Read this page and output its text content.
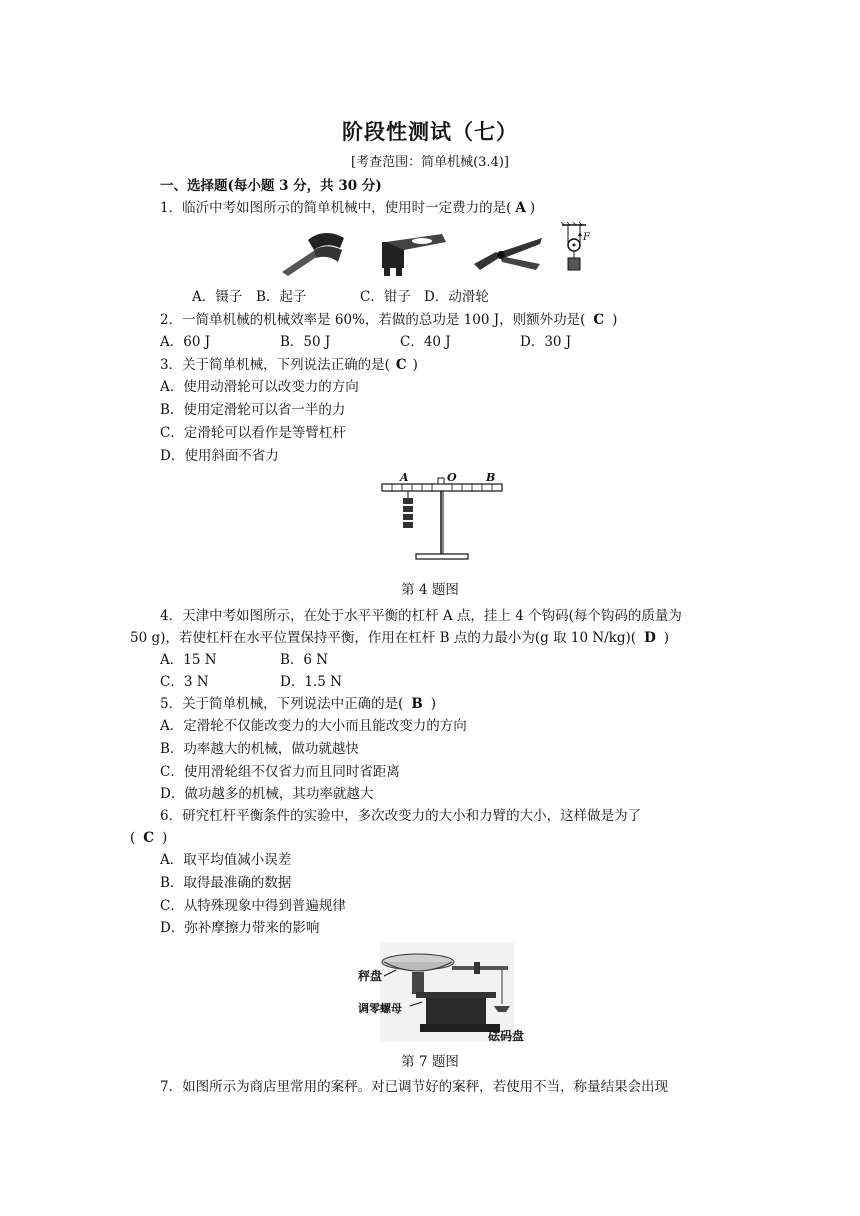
阶段性测试（七）
[考查范围：简单机械(3.4)]
一、选择题(每小题 3 分，共 30 分)
1．临沂中考如图所示的简单机械中，使用时一定费力的是( A )
F
A．镊子 B．起子	C．钳子 D．动滑轮
2．一简单机械的机械效率是 60%，若做的总功是 100 J，则额外功是( C )
A．60 J	B．50 J	C．40 J	D．30 J
3．关于简单机械，下列说法正确的是( C )
A．使用动滑轮可以改变力的方向
B．使用定滑轮可以省一半的力
C．定滑轮可以看作是等臂杠杆
D．使用斜面不省力
A	O	B
第 4 题图
4．天津中考如图所示，在处于水平平衡的杠杆 A 点，挂上 4 个钩码(每个钩码的质量为
50 g)，若使杠杆在水平位置保持平衡，作用在杠杆 B 点的力最小为(g 取 10 N/kg)( D )
A．15 N	B．6 N
C．3 N	D．1.5 N
5．关于简单机械，下列说法中正确的是( B )
A．定滑轮不仅能改变力的大小而且能改变力的方向
B．功率越大的机械，做功就越快
C．使用滑轮组不仅省力而且同时省距离
D．做功越多的机械，其功率就越大
6．研究杠杆平衡条件的实验中，多次改变力的大小和力臂的大小，这样做是为了
( C )
A．取平均值减小误差
B．取得最准确的数据
C．从特殊现象中得到普遍规律
D．弥补摩擦力带来的影响
秤盘
调零螺母
砝码盘
第 7 题图
7．如图所示为商店里常用的案秤。对已调节好的案秤，若使用不当，称量结果会出现
